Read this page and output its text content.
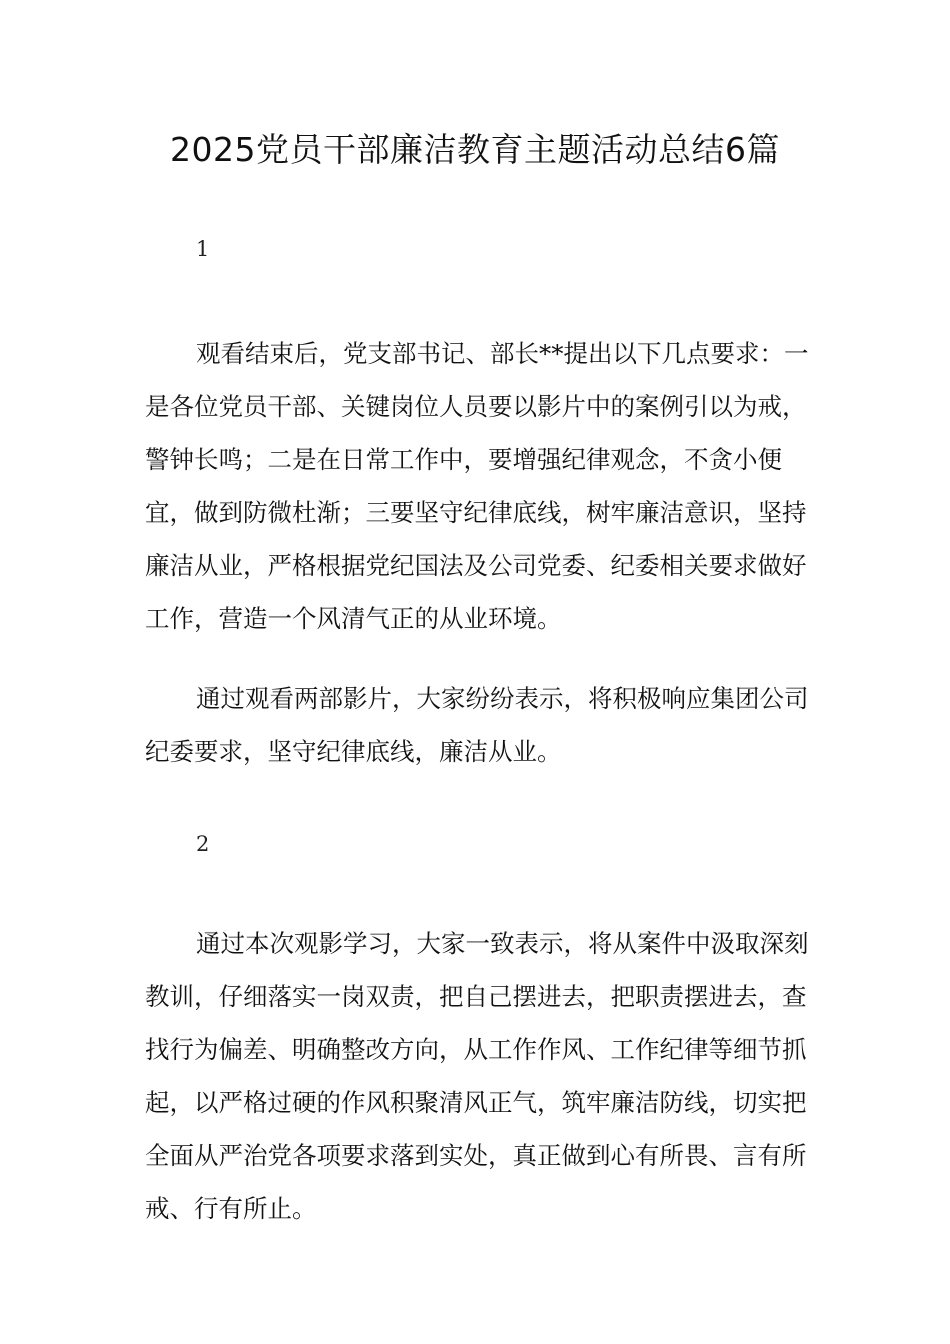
2025党员干部廉洁教育主题活动总结6篇
1
观看结束后，党支部书记、部长**提出以下几点要求：一是各位党员干部、关键岗位人员要以影片中的案例引以为戒，警钟长鸣；二是在日常工作中，要增强纪律观念，不贪小便宜，做到防微杜渐；三要坚守纪律底线，树牢廉洁意识，坚持廉洁从业，严格根据党纪国法及公司党委、纪委相关要求做好工作，营造一个风清气正的从业环境。
通过观看两部影片，大家纷纷表示，将积极响应集团公司纪委要求，坚守纪律底线，廉洁从业。
2
通过本次观影学习，大家一致表示，将从案件中汲取深刻教训，仔细落实一岗双责，把自己摆进去，把职责摆进去，查找行为偏差、明确整改方向，从工作作风、工作纪律等细节抓起，以严格过硬的作风积聚清风正气，筑牢廉洁防线，切实把全面从严治党各项要求落到实处，真正做到心有所畏、言有所戒、行有所止。
